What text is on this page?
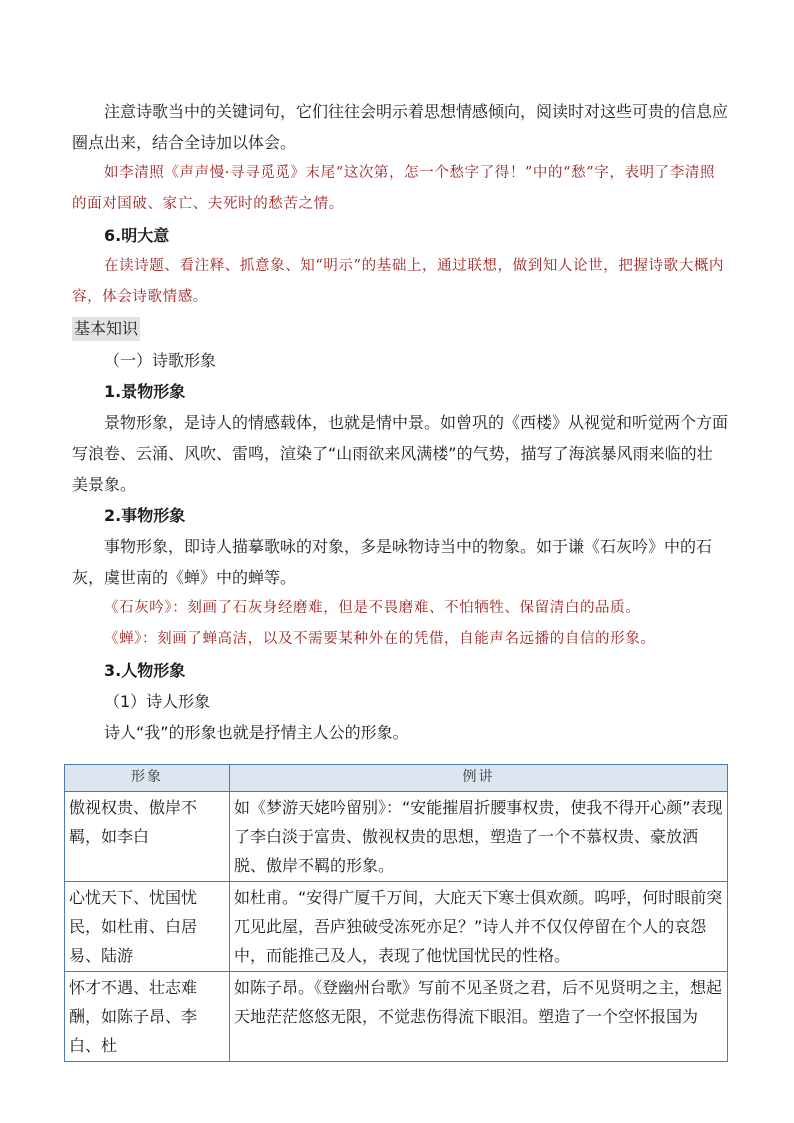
注意诗歌当中的关键词句，它们往往会明示着思想情感倾向，阅读时对这些可贵的信息应圈点出来，结合全诗加以体会。

如李清照《声声慢·寻寻觅觅》末尾“这次第，怎一个愁字了得！”中的“愁”字，表明了李清照的面对国破、家亡、夫死时的愁苦之情。

6.明大意

在读诗题、看注释、抓意象、知“明示”的基础上，通过联想，做到知人论世，把握诗歌大概内容，体会诗歌情感。

基本知识

（一）诗歌形象

1.景物形象

景物形象，是诗人的情感载体，也就是情中景。如曾巩的《西楼》从视觉和听觉两个方面写浪卷、云涌、风吹、雷鸣，渲染了“山雨欲来风满楼”的气势，描写了海滨暴风雨来临的壮美景象。

2.事物形象

事物形象，即诗人描摹歌咏的对象，多是咏物诗当中的物象。如于谦《石灰吟》中的石灰，虞世南的《蝉》中的蝉等。

《石灰吟》：刻画了石灰身经磨难，但是不畏磨难、不怕牺牲、保留清白的品质。

《蝉》：刻画了蝉高洁，以及不需要某种外在的凭借，自能声名远播的自信的形象。

3.人物形象

（1）诗人形象

诗人“我”的形象也就是抒情主人公的形象。

形象	例讲
傲视权贵、傲岸不羁，如李白	如《梦游天姥吟留别》：“安能摧眉折腰事权贵，使我不得开心颜”表现了李白淡于富贵、傲视权贵的思想，塑造了一个不慕权贵、豪放洒脱、傲岸不羁的形象。
心忧天下、忧国忧民，如杜甫、白居易、陆游	如杜甫。“安得广厦千万间，大庇天下寒士俱欢颜。呜呼，何时眼前突兀见此屋，吾庐独破受冻死亦足？”诗人并不仅仅停留在个人的哀怨中，而能推己及人，表现了他忧国忧民的性格。
怀才不遇、壮志难酬，如陈子昂、李白、杜	如陈子昂。《登幽州台歌》写前不见圣贤之君，后不见贤明之主，想起天地茫茫悠悠无限，不觉悲伤得流下眼泪。塑造了一个空怀报国为
